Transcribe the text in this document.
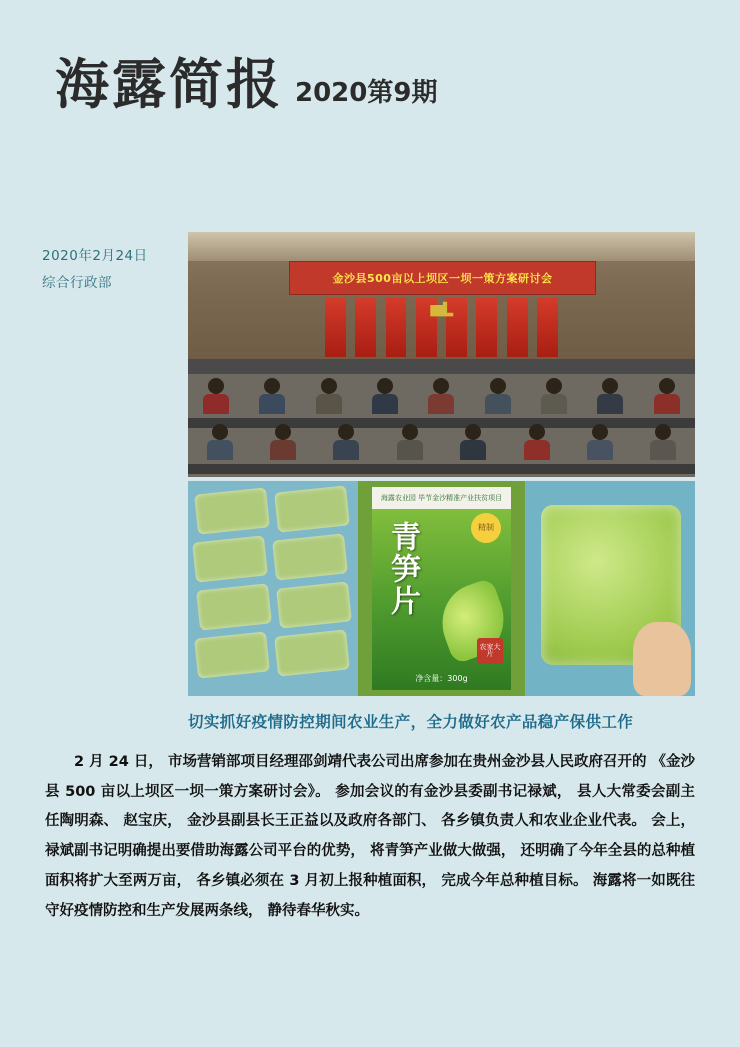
海露简报 2020第9期
2020年2月24日
综合行政部	金沙县500亩以上坝区一坝一策方案研讨会
海露农业园 毕节金沙精准产业扶贫项目
青笋片	精制
农家大片
净含量：300g
切实抓好疫情防控期间农业生产，全力做好农产品稳产保供工作
2 月 24 日， 市场营销部项目经理邵剑靖代表公司出席参加在贵州金沙县人民政府召开的 《金沙县 500 亩以上坝区一坝一策方案研讨会》。 参加会议的有金沙县委副书记禄斌， 县人大常委会副主任陶明森、 赵宝庆， 金沙县副县长王正益以及政府各部门、 各乡镇负责人和农业企业代表。 会上， 禄斌副书记明确提出要借助海露公司平台的优势， 将青笋产业做大做强， 还明确了今年全县的总种植面积将扩大至两万亩， 各乡镇必须在 3 月初上报种植面积， 完成今年总种植目标。 海露将一如既往守好疫情防控和生产发展两条线， 静待春华秋实。
